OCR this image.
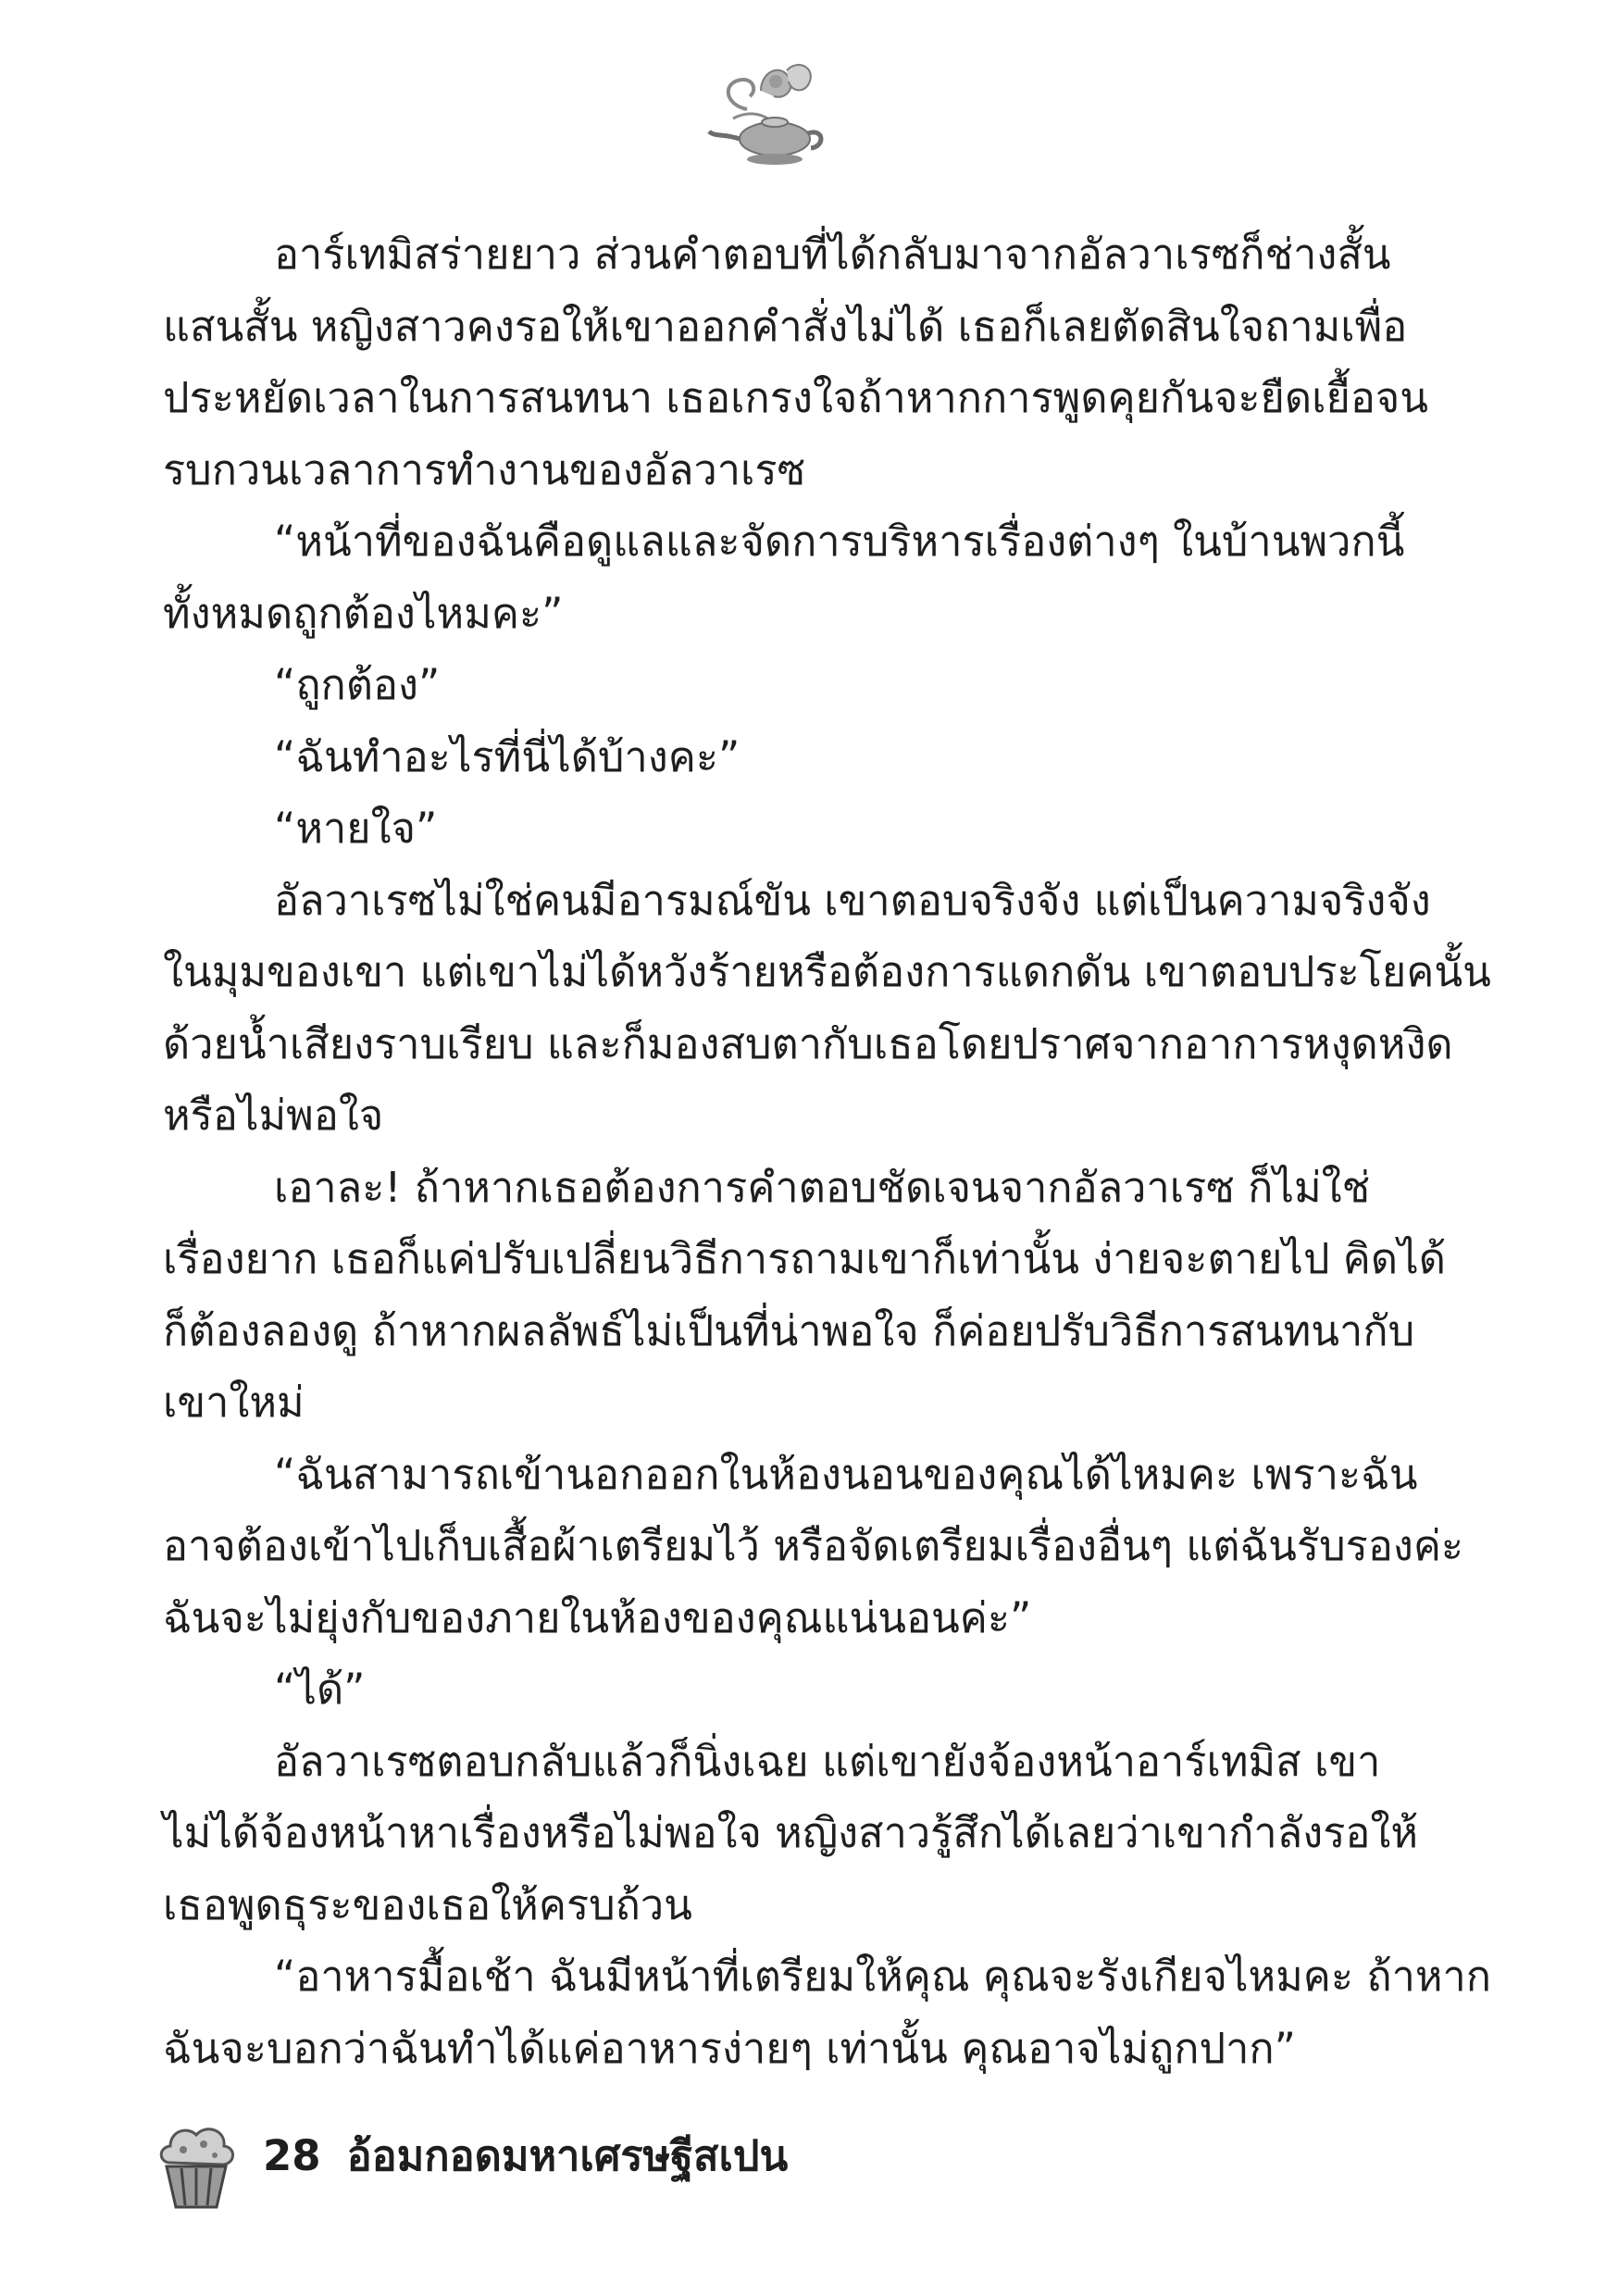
อาร์เทมิสร่ายยาว ส่วนคำตอบที่ได้กลับมาจากอัลวาเรซก็ช่างสั้น
แสนสั้น หญิงสาวคงรอให้เขาออกคำสั่งไม่ได้ เธอก็เลยตัดสินใจถามเพื่อ
ประหยัดเวลาในการสนทนา เธอเกรงใจถ้าหากการพูดคุยกันจะยืดเยื้อจน
รบกวนเวลาการทำงานของอัลวาเรซ
“หน้าที่ของฉันคือดูแลและจัดการบริหารเรื่องต่างๆ ในบ้านพวกนี้
ทั้งหมดถูกต้องไหมคะ”
“ถูกต้อง”
“ฉันทำอะไรที่นี่ได้บ้างคะ”
“หายใจ”
อัลวาเรซไม่ใช่คนมีอารมณ์ขัน เขาตอบจริงจัง แต่เป็นความจริงจัง
ในมุมของเขา แต่เขาไม่ได้หวังร้ายหรือต้องการแดกดัน เขาตอบประโยคนั้น
ด้วยน้ำเสียงราบเรียบ และก็มองสบตากับเธอโดยปราศจากอาการหงุดหงิด
หรือไม่พอใจ
เอาละ! ถ้าหากเธอต้องการคำตอบชัดเจนจากอัลวาเรซ ก็ไม่ใช่
เรื่องยาก เธอก็แค่ปรับเปลี่ยนวิธีการถามเขาก็เท่านั้น ง่ายจะตายไป คิดได้
ก็ต้องลองดู ถ้าหากผลลัพธ์ไม่เป็นที่น่าพอใจ ก็ค่อยปรับวิธีการสนทนากับ
เขาใหม่
“ฉันสามารถเข้านอกออกในห้องนอนของคุณได้ไหมคะ เพราะฉัน
อาจต้องเข้าไปเก็บเสื้อผ้าเตรียมไว้ หรือจัดเตรียมเรื่องอื่นๆ แต่ฉันรับรองค่ะ
ฉันจะไม่ยุ่งกับของภายในห้องของคุณแน่นอนค่ะ”
“ได้”
อัลวาเรซตอบกลับแล้วก็นิ่งเฉย แต่เขายังจ้องหน้าอาร์เทมิส เขา
ไม่ได้จ้องหน้าหาเรื่องหรือไม่พอใจ หญิงสาวรู้สึกได้เลยว่าเขากำลังรอให้
เธอพูดธุระของเธอให้ครบถ้วน
“อาหารมื้อเช้า ฉันมีหน้าที่เตรียมให้คุณ คุณจะรังเกียจไหมคะ ถ้าหาก
ฉันจะบอกว่าฉันทำได้แค่อาหารง่ายๆ เท่านั้น คุณอาจไม่ถูกปาก”
28 อ้อมกอดมหาเศรษฐีสเปน
